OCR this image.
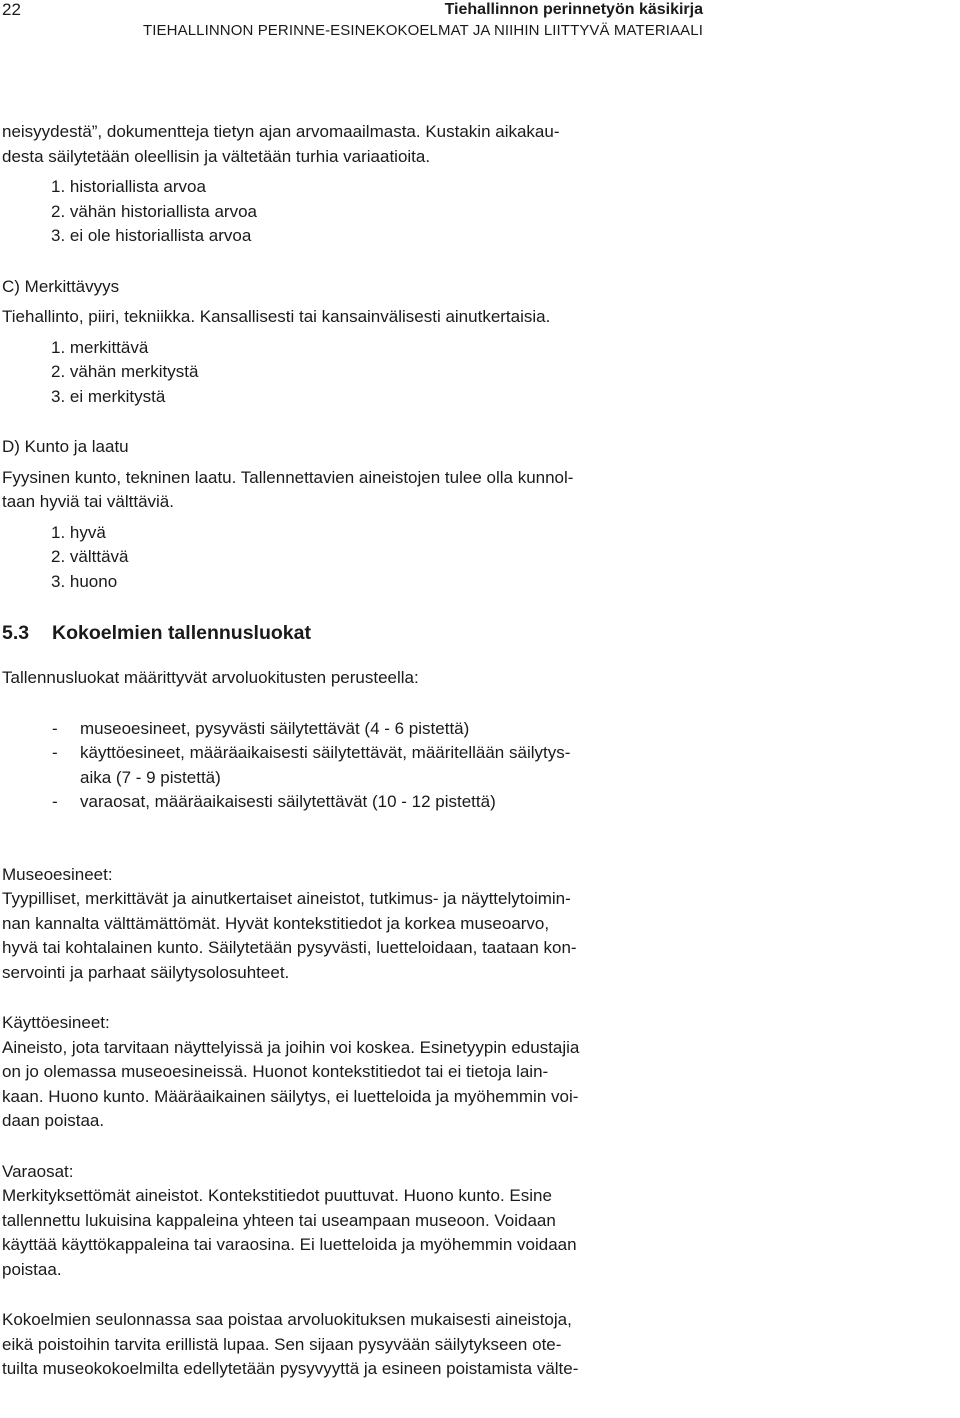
22	Tiehallinnon perinnetyön käsikirja
TIEHALLINNON PERINNE-ESINEKOKOELMAT JA NIIHIN LIITTYVÄ MATERIAALI

neisyydestä”, dokumentteja tietyn ajan arvomaailmasta. Kustakin aikakau-

desta säilytetään oleellisin ja vältetään turhia variaatioita.

1. historiallista arvoa
2. vähän historiallista arvoa
3. ei ole historiallista arvoa

C) Merkittävyys

Tiehallinto, piiri, tekniikka. Kansallisesti tai kansainvälisesti ainutkertaisia.

1. merkittävä
2. vähän merkitystä
3. ei merkitystä

D) Kunto ja laatu

Fyysinen kunto, tekninen laatu. Tallennettavien aineistojen tulee olla kunnol-

taan hyviä tai välttäviä.

1. hyvä
2. välttävä
3. huono
5.3 Kokoelmien tallennusluokat

Tallennusluokat määrittyvät arvoluokitusten perusteella:

- museoesineet, pysyvästi säilytettävät (4 - 6 pistettä)
- käyttöesineet, määräaikaisesti säilytettävät, määritellään säilytys-
aika (7 - 9 pistettä)
- varaosat, määräaikaisesti säilytettävät (10 - 12 pistettä)

Museoesineet:

Tyypilliset, merkittävät ja ainutkertaiset aineistot, tutkimus- ja näyttelytoimin-

nan kannalta välttämättömät. Hyvät kontekstitiedot ja korkea museoarvo,

hyvä tai kohtalainen kunto. Säilytetään pysyvästi, luetteloidaan, taataan kon-

servointi ja parhaat säilytysolosuhteet.

Käyttöesineet:

Aineisto, jota tarvitaan näyttelyissä ja joihin voi koskea. Esinetyypin edustajia

on jo olemassa museoesineissä. Huonot kontekstitiedot tai ei tietoja lain-

kaan. Huono kunto. Määräaikainen säilytys, ei luetteloida ja myöhemmin voi-

daan poistaa.

Varaosat:

Merkityksettömät aineistot. Kontekstitiedot puuttuvat. Huono kunto. Esine

tallennettu lukuisina kappaleina yhteen tai useampaan museoon. Voidaan

käyttää käyttökappaleina tai varaosina. Ei luetteloida ja myöhemmin voidaan

poistaa.

Kokoelmien seulonnassa saa poistaa arvoluokituksen mukaisesti aineistoja,

eikä poistoihin tarvita erillistä lupaa. Sen sijaan pysyvään säilytykseen ote-

tuilta museokokoelmilta edellytetään pysyvyyttä ja esineen poistamista välte-
